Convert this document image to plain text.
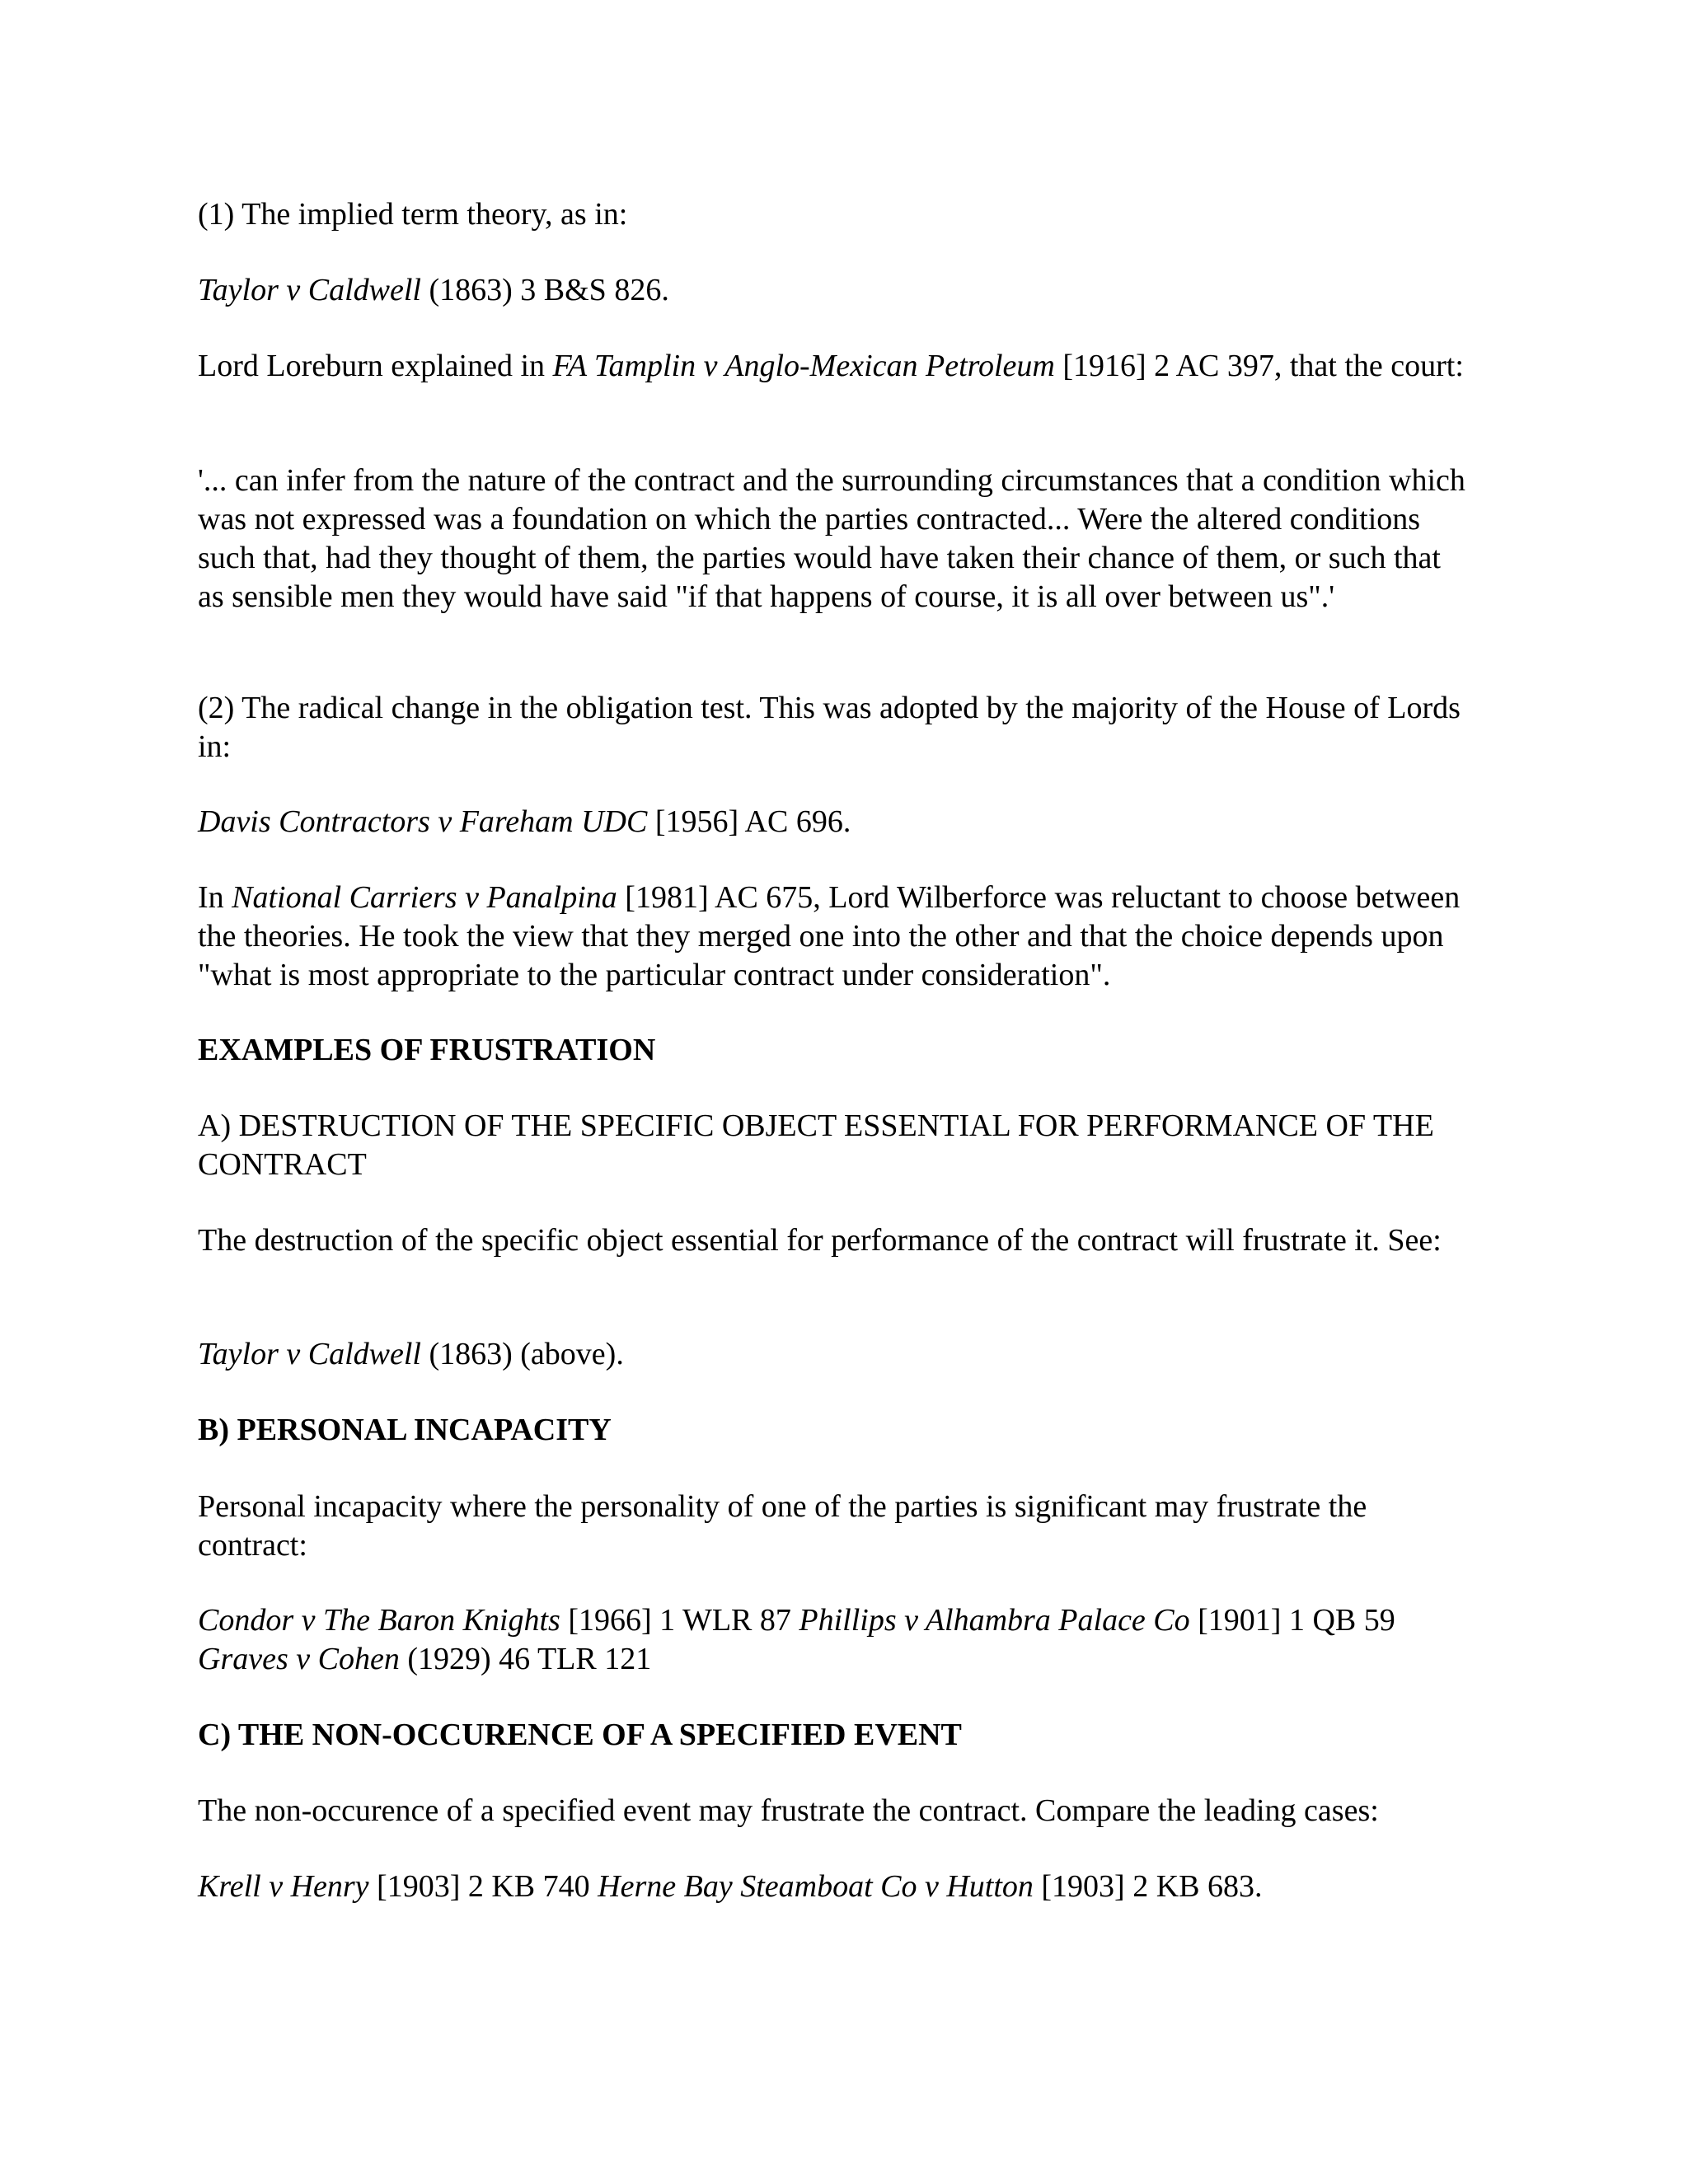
(1) The implied term theory, as in:

Taylor v Caldwell (1863) 3 B&S 826.

Lord Loreburn explained in FA Tamplin v Anglo-Mexican Petroleum [1916] 2 AC 397, that the court:

'... can infer from the nature of the contract and the surrounding circumstances that a condition which was not expressed was a foundation on which the parties contracted... Were the altered conditions such that, had they thought of them, the parties would have taken their chance of them, or such that as sensible men they would have said "if that happens of course, it is all over between us".'

(2) The radical change in the obligation test. This was adopted by the majority of the House of Lords in:

Davis Contractors v Fareham UDC [1956] AC 696.

In National Carriers v Panalpina [1981] AC 675, Lord Wilberforce was reluctant to choose between the theories. He took the view that they merged one into the other and that the choice depends upon "what is most appropriate to the particular contract under consideration".

EXAMPLES OF FRUSTRATION

A) DESTRUCTION OF THE SPECIFIC OBJECT ESSENTIAL FOR PERFORMANCE OF THE CONTRACT

The destruction of the specific object essential for performance of the contract will frustrate it. See:

Taylor v Caldwell (1863) (above).

B) PERSONAL INCAPACITY

Personal incapacity where the personality of one of the parties is significant may frustrate the contract:

Condor v The Baron Knights [1966] 1 WLR 87 Phillips v Alhambra Palace Co [1901] 1 QB 59 Graves v Cohen (1929) 46 TLR 121

C) THE NON-OCCURENCE OF A SPECIFIED EVENT

The non-occurence of a specified event may frustrate the contract. Compare the leading cases:

Krell v Henry [1903] 2 KB 740 Herne Bay Steamboat Co v Hutton [1903] 2 KB 683.
